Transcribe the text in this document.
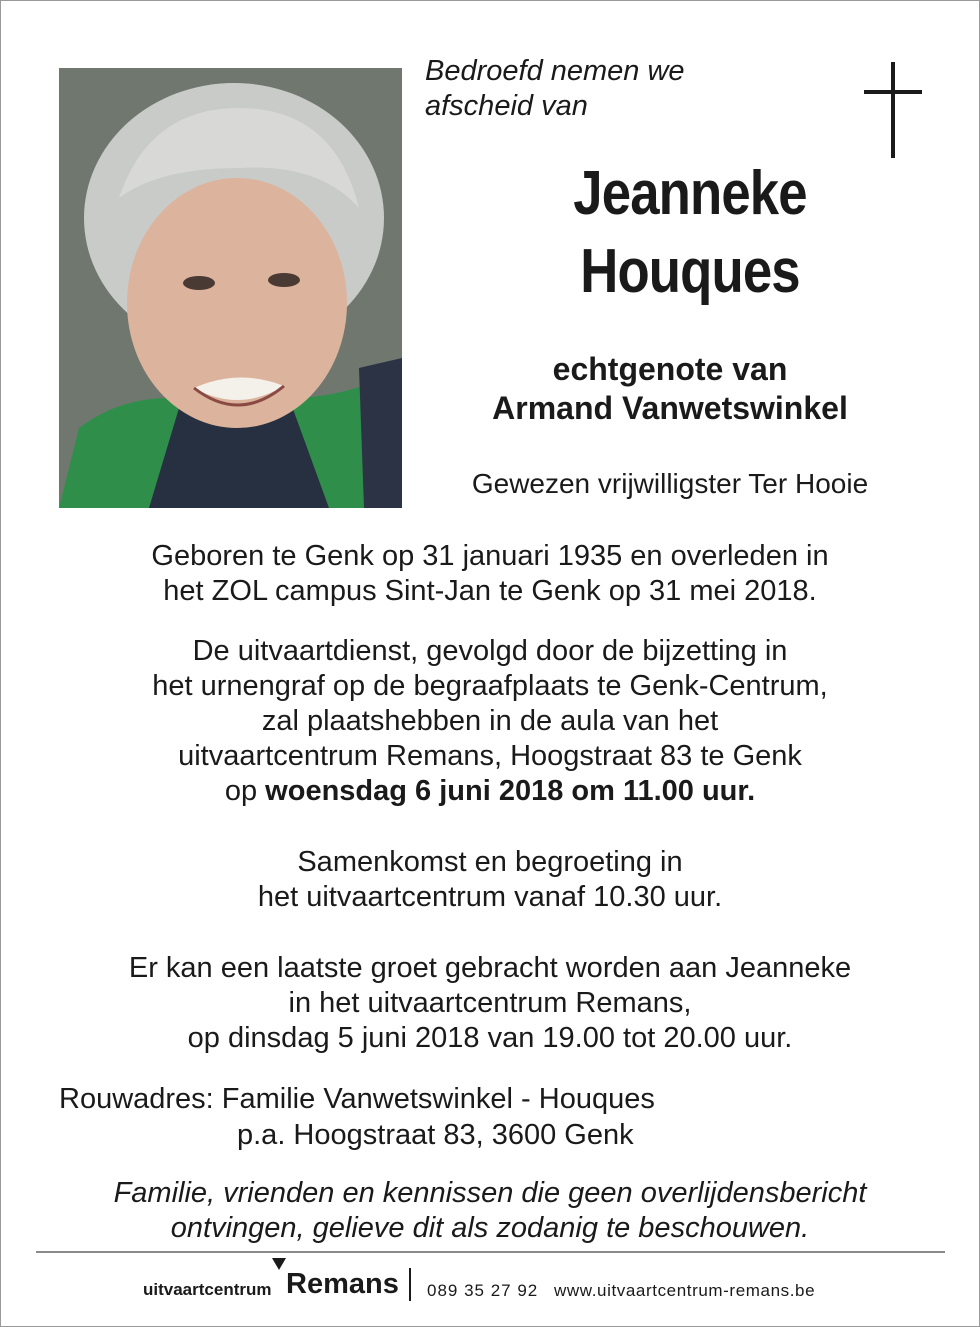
Bedroefd nemen we
afscheid van
Jeanneke
Houques
echtgenote van
Armand Vanwetswinkel
Gewezen vrijwilligster Ter Hooie
Geboren te Genk op 31 januari 1935 en overleden in
het ZOL campus Sint-Jan te Genk op 31 mei 2018.
De uitvaartdienst, gevolgd door de bijzetting in
het urnengraf op de begraafplaats te Genk-Centrum,
zal plaatshebben in de aula van het
uitvaartcentrum Remans, Hoogstraat 83 te Genk
op woensdag 6 juni 2018 om 11.00 uur.
Samenkomst en begroeting in
het uitvaartcentrum vanaf 10.30 uur.
Er kan een laatste groet gebracht worden aan Jeanneke
in het uitvaartcentrum Remans,
op dinsdag 5 juni 2018 van 19.00 tot 20.00 uur.
Rouwadres: Familie Vanwetswinkel - Houques
p.a. Hoogstraat 83, 3600 Genk
Familie, vrienden en kennissen die geen overlijdensbericht
ontvingen, gelieve dit als zodanig te beschouwen.
uitvaartcentrum Remans 089 35 27 92 www.uitvaartcentrum-remans.be
